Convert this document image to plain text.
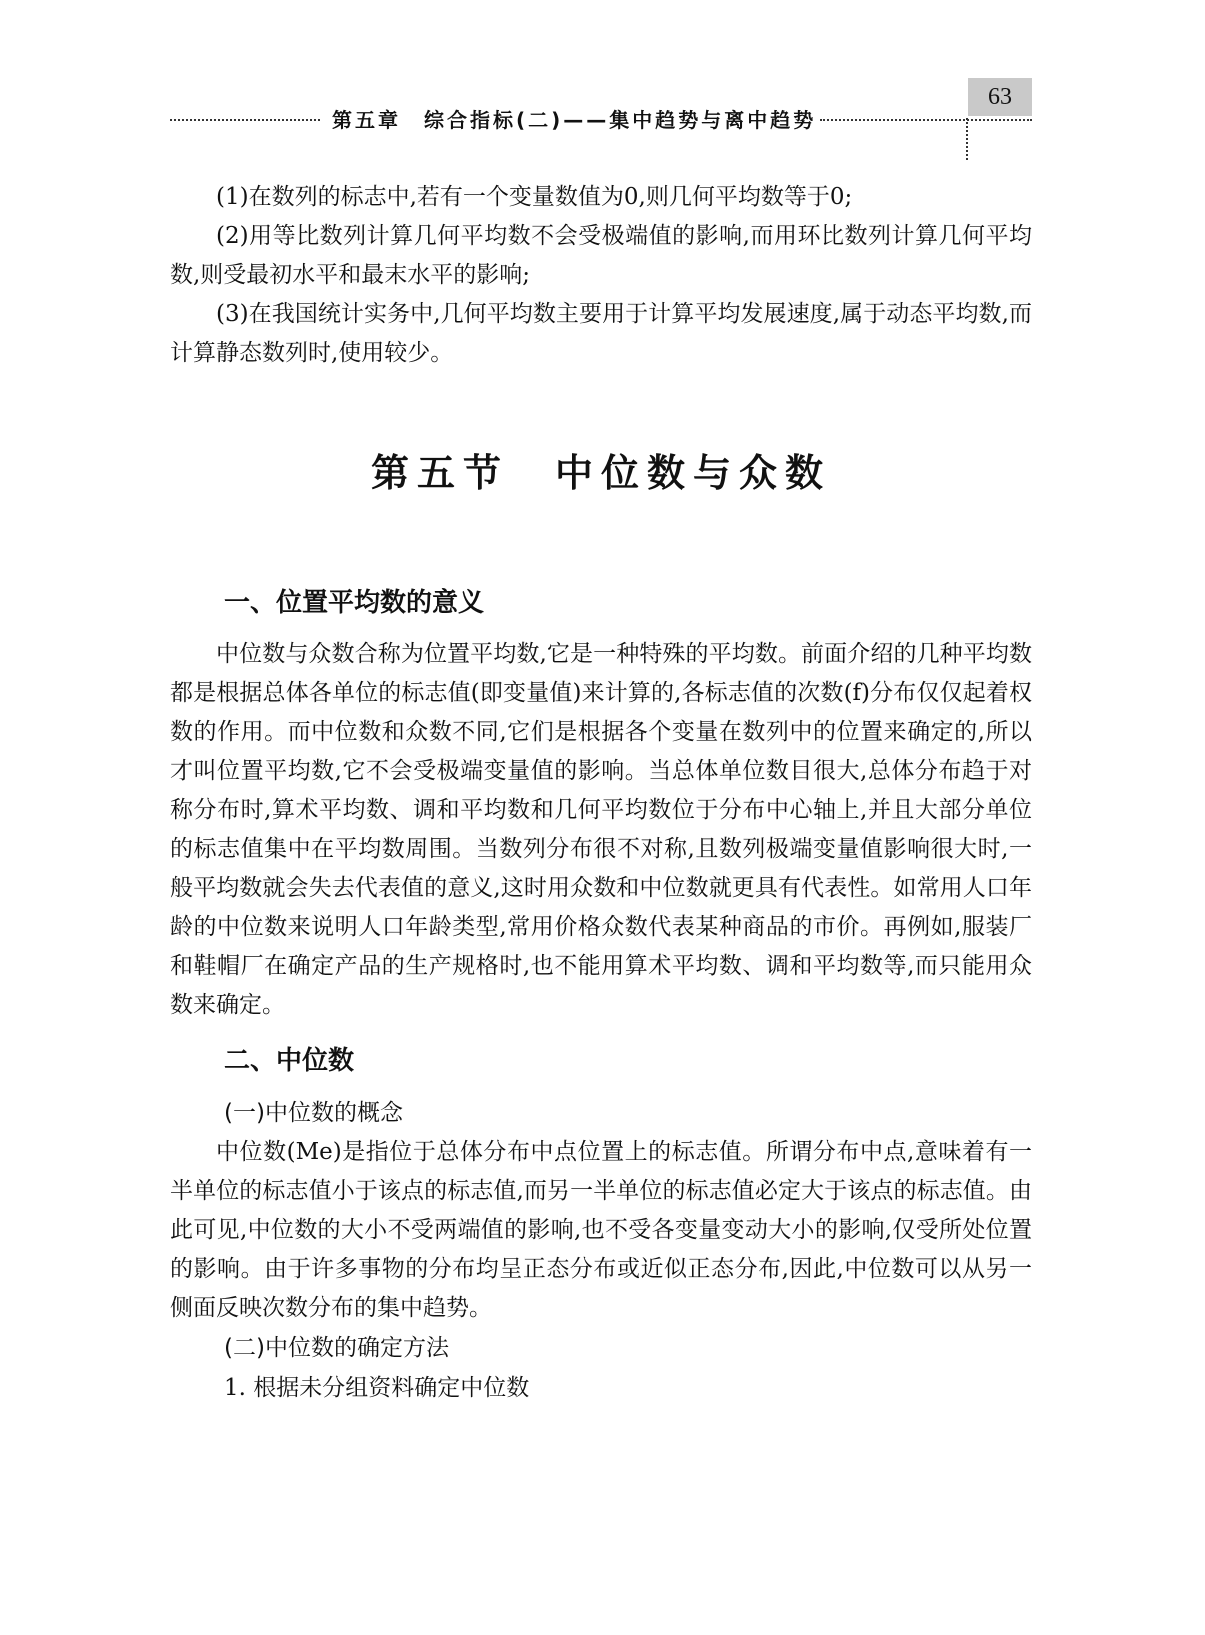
第五章　综合指标(二)——集中趋势与离中趋势
63

(1)在数列的标志中,若有一个变量数值为0,则几何平均数等于0;

(2)用等比数列计算几何平均数不会受极端值的影响,而用环比数列计算几何平均数,则受最初水平和最末水平的影响;

(3)在我国统计实务中,几何平均数主要用于计算平均发展速度,属于动态平均数,而计算静态数列时,使用较少。

第五节　中位数与众数
一、位置平均数的意义

中位数与众数合称为位置平均数,它是一种特殊的平均数。前面介绍的几种平均数都是根据总体各单位的标志值(即变量值)来计算的,各标志值的次数(f)分布仅仅起着权数的作用。而中位数和众数不同,它们是根据各个变量在数列中的位置来确定的,所以才叫位置平均数,它不会受极端变量值的影响。当总体单位数目很大,总体分布趋于对称分布时,算术平均数、调和平均数和几何平均数位于分布中心轴上,并且大部分单位的标志值集中在平均数周围。当数列分布很不对称,且数列极端变量值影响很大时,一般平均数就会失去代表值的意义,这时用众数和中位数就更具有代表性。如常用人口年龄的中位数来说明人口年龄类型,常用价格众数代表某种商品的市价。再例如,服装厂和鞋帽厂在确定产品的生产规格时,也不能用算术平均数、调和平均数等,而只能用众数来确定。

二、中位数
(一)中位数的概念

中位数(Me)是指位于总体分布中点位置上的标志值。所谓分布中点,意味着有一半单位的标志值小于该点的标志值,而另一半单位的标志值必定大于该点的标志值。由此可见,中位数的大小不受两端值的影响,也不受各变量变动大小的影响,仅受所处位置的影响。由于许多事物的分布均呈正态分布或近似正态分布,因此,中位数可以从另一侧面反映次数分布的集中趋势。

(二)中位数的确定方法
1. 根据未分组资料确定中位数
